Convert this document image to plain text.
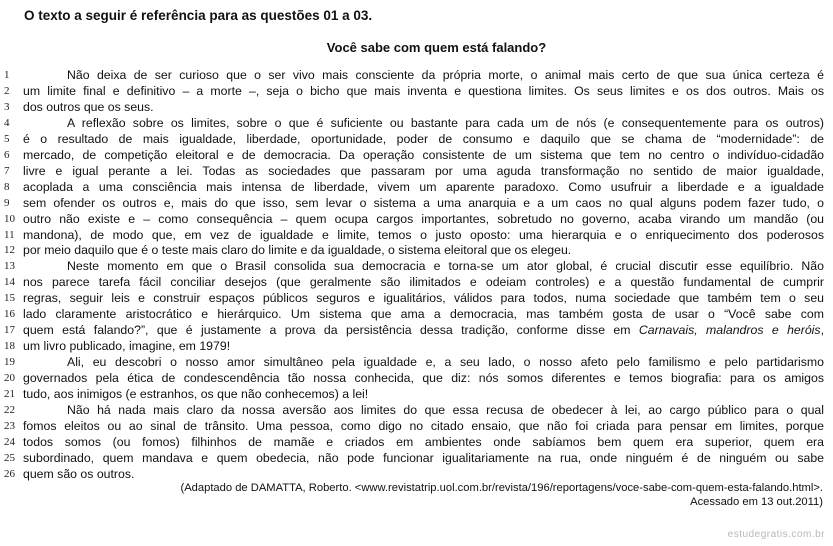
O texto a seguir é referência para as questões 01 a 03.
Você sabe com quem está falando?
1	Não deixa de ser curioso que o ser vivo mais consciente da própria morte, o animal mais certo de que sua única certeza é
2	um limite final e definitivo – a morte –, seja o bicho que mais inventa e questiona limites. Os seus limites e os dos outros. Mais os
3	dos outros que os seus.
4	A reflexão sobre os limites, sobre o que é suficiente ou bastante para cada um de nós (e consequentemente para os outros)
5	é o resultado de mais igualdade, liberdade, oportunidade, poder de consumo e daquilo que se chama de “modernidade”: de
6	mercado, de competição eleitoral e de democracia. Da operação consistente de um sistema que tem no centro o indivíduo-cidadão
7	livre e igual perante a lei. Todas as sociedades que passaram por uma aguda transformação no sentido de maior igualdade,
8	acoplada a uma consciência mais intensa de liberdade, vivem um aparente paradoxo. Como usufruir a liberdade e a igualdade
9	sem ofender os outros e, mais do que isso, sem levar o sistema a uma anarquia e a um caos no qual alguns podem fazer tudo, o
10 outro não existe e – como consequência – quem ocupa cargos importantes, sobretudo no governo, acaba virando um mandão (ou
11 mandona), de modo que, em vez de igualdade e limite, temos o justo oposto: uma hierarquia e o enriquecimento dos poderosos
12 por meio daquilo que é o teste mais claro do limite e da igualdade, o sistema eleitoral que os elegeu.
13	Neste momento em que o Brasil consolida sua democracia e torna-se um ator global, é crucial discutir esse equilíbrio. Não
14 nos parece tarefa fácil conciliar desejos (que geralmente são ilimitados e odeiam controles) e a questão fundamental de cumprir
15 regras, seguir leis e construir espaços públicos seguros e igualitários, válidos para todos, numa sociedade que também tem o seu
16 lado claramente aristocrático e hierárquico. Um sistema que ama a democracia, mas também gosta de usar o “Você sabe com
17 quem está falando?”, que é justamente a prova da persistência dessa tradição, conforme disse em Carnavais, malandros e heróis,
18 um livro publicado, imagine, em 1979!
19	Ali, eu descobri o nosso amor simultâneo pela igualdade e, a seu lado, o nosso afeto pelo familismo e pelo partidarismo
20 governados pela ética de condescendência tão nossa conhecida, que diz: nós somos diferentes e temos biografia: para os amigos
21 tudo, aos inimigos (e estranhos, os que não conhecemos) a lei!
22	Não há nada mais claro da nossa aversão aos limites do que essa recusa de obedecer à lei, ao cargo público para o qual
23 fomos eleitos ou ao sinal de trânsito. Uma pessoa, como digo no citado ensaio, que não foi criada para pensar em limites, porque
24 todos somos (ou fomos) filhinhos de mamãe e criados em ambientes onde sabíamos bem quem era superior, quem era
25 subordinado, quem mandava e quem obedecia, não pode funcionar igualitariamente na rua, onde ninguém é de ninguém ou sabe
26 quem são os outros.
(Adaptado de DAMATTA, Roberto. <www.revistatrip.uol.com.br/revista/196/reportagens/voce-sabe-com-quem-esta-falando.html>.
Acessado em 13 out.2011)
estudegratis.com.br
